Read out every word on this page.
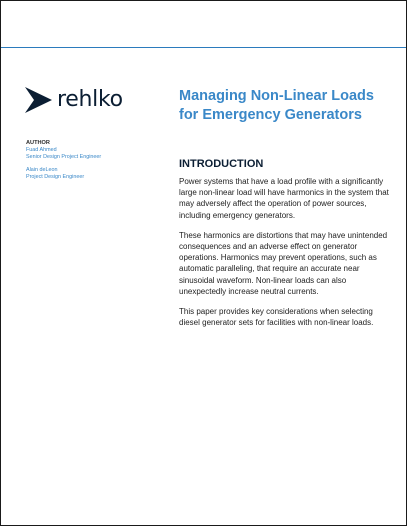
rehlko	Managing Non-Linear Loads
for Emergency Generators
AUTHOR
Fuad Ahmed
Senior Design Project Engineer
Alain deLeon
Project Design Engineer
INTRODUCTION

Power systems that have a load profile with a significantly large non-linear load will have harmonics in the system that may adversely affect the operation of power sources, including emergency generators.

These harmonics are distortions that may have unintended consequences and an adverse effect on generator operations. Harmonics may prevent operations, such as automatic paralleling, that require an accurate near sinusoidal waveform. Non-linear loads can also unexpectedly increase neutral currents.

This paper provides key considerations when selecting diesel generator sets for facilities with non-linear loads.
